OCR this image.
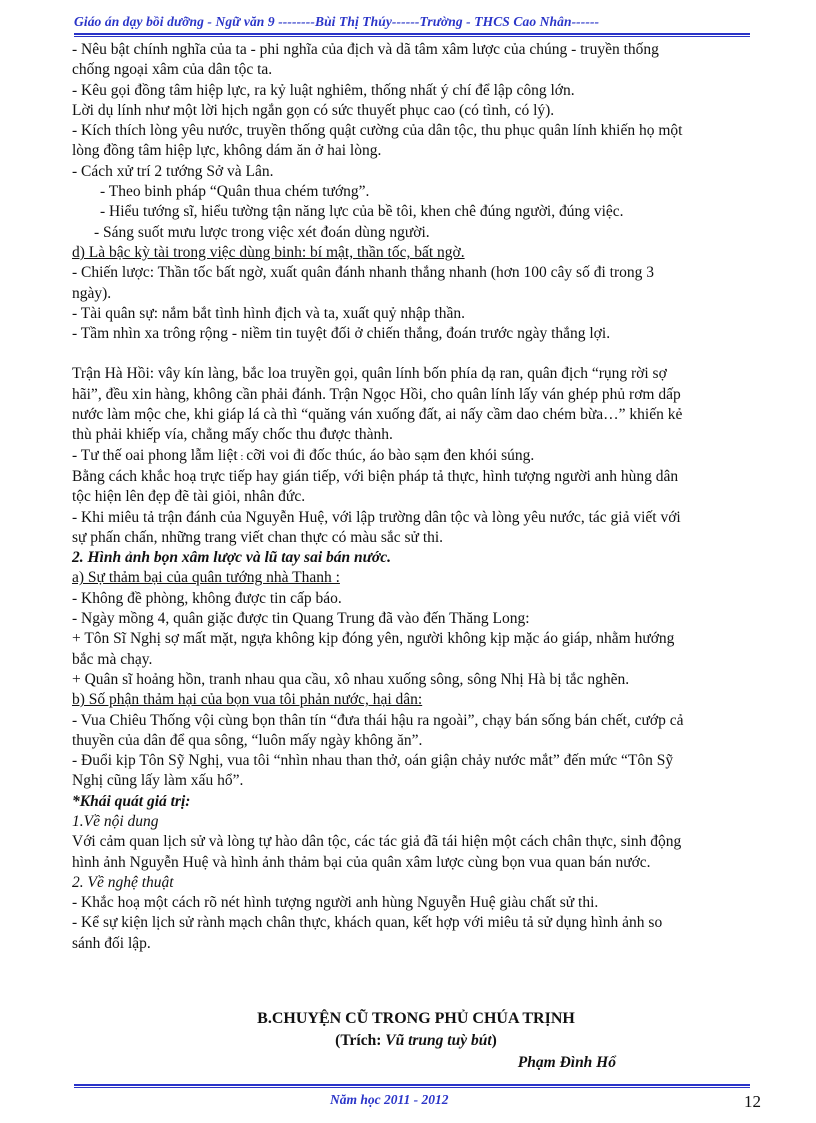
Giáo án dạy bồi dưỡng - Ngữ văn 9 --------Bùi Thị Thúy------Trường - THCS Cao Nhân------

- Nêu bật chính nghĩa của ta - phi nghĩa của địch và dã tâm xâm lược của chúng - truyền thống

chống ngoại xâm của dân tộc ta.

- Kêu gọi đồng tâm hiệp lực, ra kỷ luật nghiêm, thống nhất ý chí để lập công lớn.

Lời dụ lính như một lời hịch ngắn gọn có sức thuyết phục cao (có tình, có lý).

- Kích thích lòng yêu nước, truyền thống quật cường của dân tộc, thu phục quân lính khiến họ một

lòng đồng tâm hiệp lực, không dám ăn ở hai lòng.

- Cách xử trí 2 tướng Sở và Lân.

- Theo binh pháp “Quân thua chém tướng”.

- Hiểu tướng sĩ, hiểu tường tận năng lực của bề tôi, khen chê đúng người, đúng việc.

- Sáng suốt mưu lược trong việc xét đoán dùng người.

d) Là bậc kỳ tài trong việc dùng binh: bí mật, thần tốc, bất ngờ.

- Chiến lược: Thần tốc bất ngờ, xuất quân đánh nhanh thắng nhanh (hơn 100 cây số đi trong 3

ngày).

- Tài quân sự: nắm bắt tình hình địch và ta, xuất quỷ nhập thần.

- Tầm nhìn xa trông rộng - niềm tin tuyệt đối ở chiến thắng, đoán trước ngày thắng lợi.

Trận Hà Hồi: vây kín làng, bắc loa truyền gọi, quân lính bốn phía dạ ran, quân địch “rụng rời sợ

hãi”, đều xin hàng, không cần phải đánh. Trận Ngọc Hồi, cho quân lính lấy ván ghép phủ rơm dấp

nước làm mộc che, khi giáp lá cà thì “quăng ván xuống đất, ai nấy cầm dao chém bừa…” khiến kẻ

thù phải khiếp vía, chẳng mấy chốc thu được thành.

- Tư thế oai phong lẫm liệt : cỡi voi đi đốc thúc, áo bào sạm đen khói súng.

Bằng cách khắc hoạ trực tiếp hay gián tiếp, với biện pháp tả thực, hình tượng người anh hùng dân

tộc hiện lên đẹp đẽ tài giỏi, nhân đức.

- Khi miêu tả trận đánh của Nguyễn Huệ, với lập trường dân tộc và lòng yêu nước, tác giả viết với

sự phấn chấn, những trang viết chan thực có màu sắc sử thi.

2. Hình ảnh bọn xâm lược và lũ tay sai bán nước.

a) Sự thảm bại của quân tướng nhà Thanh :

- Không đề phòng, không được tin cấp báo.

- Ngày mồng 4, quân giặc được tin Quang Trung đã vào đến Thăng Long:

+ Tôn Sĩ Nghị sợ mất mặt, ngựa không kịp đóng yên, người không kịp mặc áo giáp, nhằm hướng

bắc mà chạy.

+ Quân sĩ hoảng hồn, tranh nhau qua cầu, xô nhau xuống sông, sông Nhị Hà bị tắc nghẽn.

b) Số phận thảm hại của bọn vua tôi phản nước, hại dân:

- Vua Chiêu Thống vội cùng bọn thân tín “đưa thái hậu ra ngoài”, chạy bán sống bán chết, cướp cả

thuyền của dân để qua sông, “luôn mấy ngày không ăn”.

- Đuổi kịp Tôn Sỹ Nghị, vua tôi “nhìn nhau than thở, oán giận chảy nước mắt” đến mức “Tôn Sỹ

Nghị cũng lấy làm xấu hổ”.

*Khái quát giá trị:

1.Về nội dung

Với cảm quan lịch sử và lòng tự hào dân tộc, các tác giả đã tái hiện một cách chân thực, sinh động

hình ảnh Nguyễn Huệ và hình ảnh thảm bại của quân xâm lược cùng bọn vua quan bán nước.

2. Về nghệ thuật

- Khắc hoạ một cách rõ nét hình tượng người anh hùng Nguyễn Huệ giàu chất sử thi.

- Kể sự kiện lịch sử rành mạch chân thực, khách quan, kết hợp với miêu tả sử dụng hình ảnh so

sánh đối lập.

B.CHUYỆN CŨ TRONG PHỦ CHÚA TRỊNH
(Trích: Vũ trung tuỳ bút)
Phạm Đình Hổ
Năm học 2011 - 2012	12
